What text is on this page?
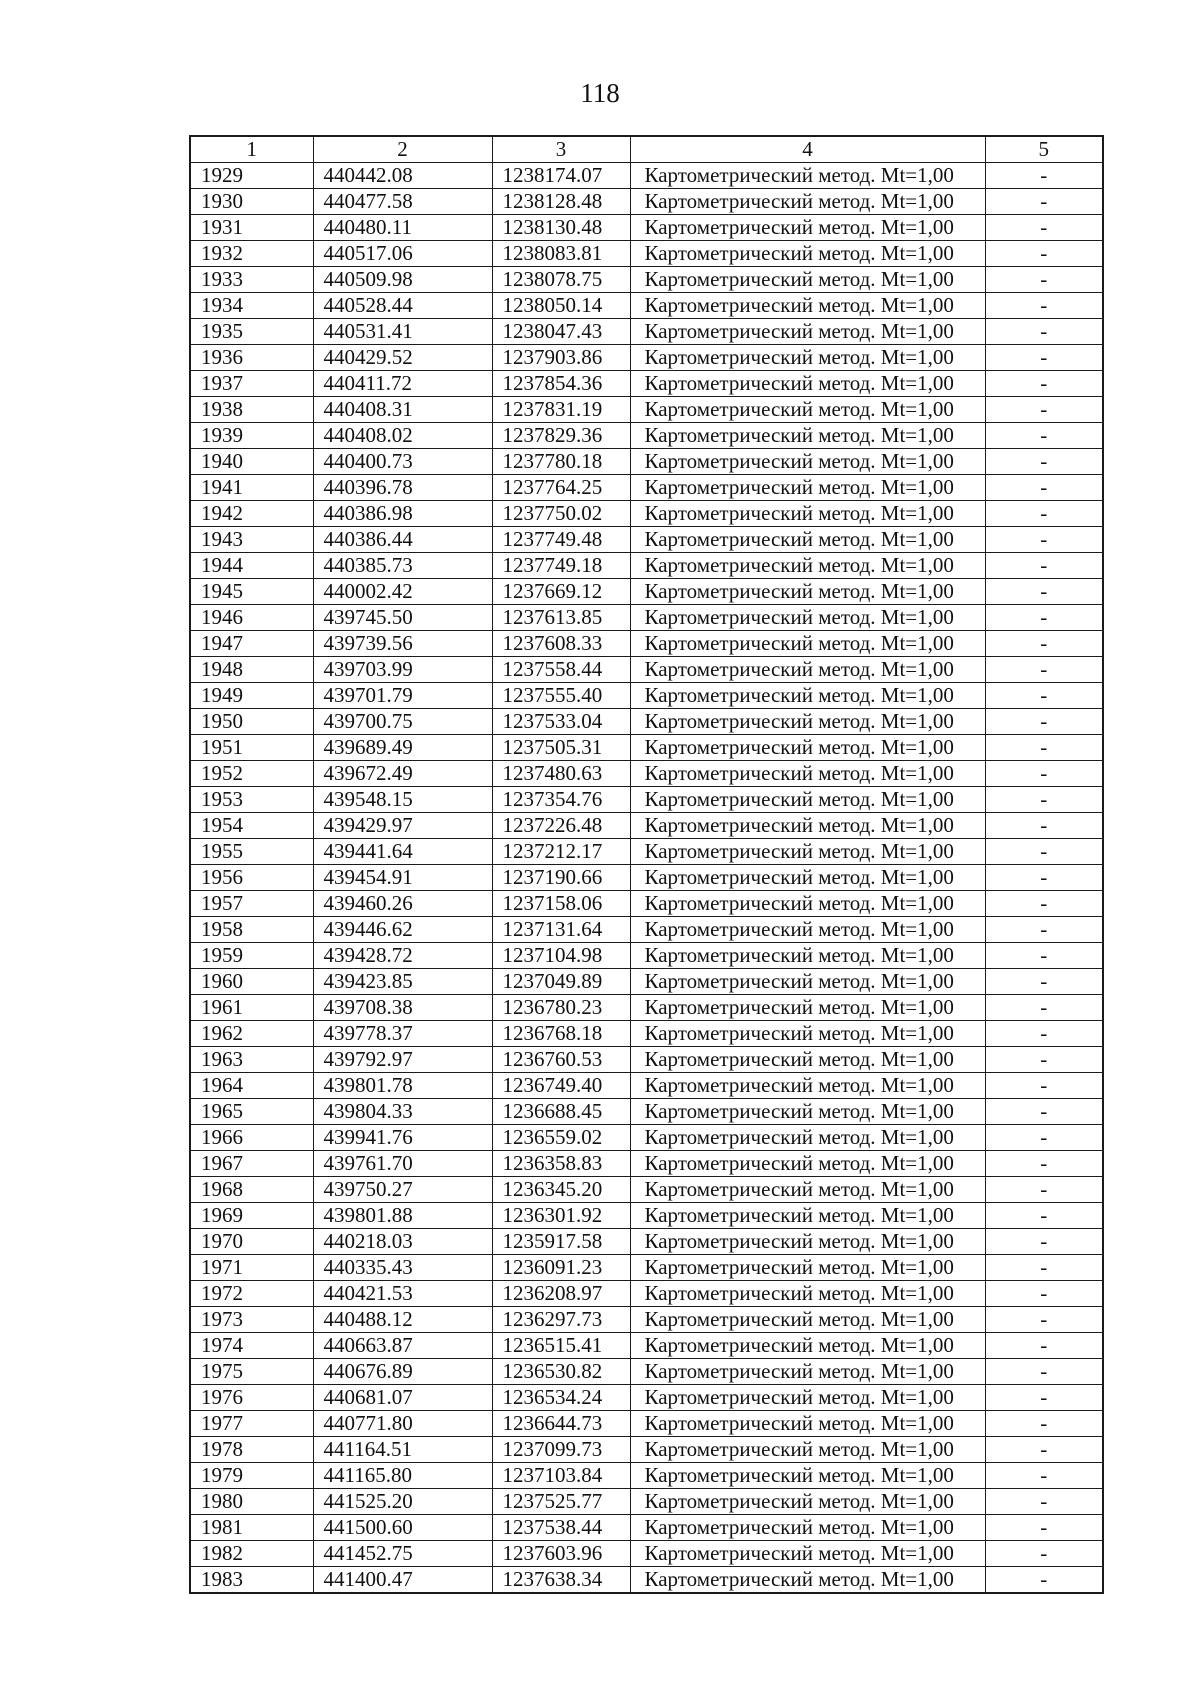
118
1	2	3	4	5
1929	440442.08	1238174.07	Картометрический метод. Mt=1,00	-
1930	440477.58	1238128.48	Картометрический метод. Mt=1,00	-
1931	440480.11	1238130.48	Картометрический метод. Mt=1,00	-
1932	440517.06	1238083.81	Картометрический метод. Mt=1,00	-
1933	440509.98	1238078.75	Картометрический метод. Mt=1,00	-
1934	440528.44	1238050.14	Картометрический метод. Mt=1,00	-
1935	440531.41	1238047.43	Картометрический метод. Mt=1,00	-
1936	440429.52	1237903.86	Картометрический метод. Mt=1,00	-
1937	440411.72	1237854.36	Картометрический метод. Mt=1,00	-
1938	440408.31	1237831.19	Картометрический метод. Mt=1,00	-
1939	440408.02	1237829.36	Картометрический метод. Mt=1,00	-
1940	440400.73	1237780.18	Картометрический метод. Mt=1,00	-
1941	440396.78	1237764.25	Картометрический метод. Mt=1,00	-
1942	440386.98	1237750.02	Картометрический метод. Mt=1,00	-
1943	440386.44	1237749.48	Картометрический метод. Mt=1,00	-
1944	440385.73	1237749.18	Картометрический метод. Mt=1,00	-
1945	440002.42	1237669.12	Картометрический метод. Mt=1,00	-
1946	439745.50	1237613.85	Картометрический метод. Mt=1,00	-
1947	439739.56	1237608.33	Картометрический метод. Mt=1,00	-
1948	439703.99	1237558.44	Картометрический метод. Mt=1,00	-
1949	439701.79	1237555.40	Картометрический метод. Mt=1,00	-
1950	439700.75	1237533.04	Картометрический метод. Mt=1,00	-
1951	439689.49	1237505.31	Картометрический метод. Mt=1,00	-
1952	439672.49	1237480.63	Картометрический метод. Mt=1,00	-
1953	439548.15	1237354.76	Картометрический метод. Mt=1,00	-
1954	439429.97	1237226.48	Картометрический метод. Mt=1,00	-
1955	439441.64	1237212.17	Картометрический метод. Mt=1,00	-
1956	439454.91	1237190.66	Картометрический метод. Mt=1,00	-
1957	439460.26	1237158.06	Картометрический метод. Mt=1,00	-
1958	439446.62	1237131.64	Картометрический метод. Mt=1,00	-
1959	439428.72	1237104.98	Картометрический метод. Mt=1,00	-
1960	439423.85	1237049.89	Картометрический метод. Mt=1,00	-
1961	439708.38	1236780.23	Картометрический метод. Mt=1,00	-
1962	439778.37	1236768.18	Картометрический метод. Mt=1,00	-
1963	439792.97	1236760.53	Картометрический метод. Mt=1,00	-
1964	439801.78	1236749.40	Картометрический метод. Mt=1,00	-
1965	439804.33	1236688.45	Картометрический метод. Mt=1,00	-
1966	439941.76	1236559.02	Картометрический метод. Mt=1,00	-
1967	439761.70	1236358.83	Картометрический метод. Mt=1,00	-
1968	439750.27	1236345.20	Картометрический метод. Mt=1,00	-
1969	439801.88	1236301.92	Картометрический метод. Mt=1,00	-
1970	440218.03	1235917.58	Картометрический метод. Mt=1,00	-
1971	440335.43	1236091.23	Картометрический метод. Mt=1,00	-
1972	440421.53	1236208.97	Картометрический метод. Mt=1,00	-
1973	440488.12	1236297.73	Картометрический метод. Mt=1,00	-
1974	440663.87	1236515.41	Картометрический метод. Mt=1,00	-
1975	440676.89	1236530.82	Картометрический метод. Mt=1,00	-
1976	440681.07	1236534.24	Картометрический метод. Mt=1,00	-
1977	440771.80	1236644.73	Картометрический метод. Mt=1,00	-
1978	441164.51	1237099.73	Картометрический метод. Mt=1,00	-
1979	441165.80	1237103.84	Картометрический метод. Mt=1,00	-
1980	441525.20	1237525.77	Картометрический метод. Mt=1,00	-
1981	441500.60	1237538.44	Картометрический метод. Mt=1,00	-
1982	441452.75	1237603.96	Картометрический метод. Mt=1,00	-
1983	441400.47	1237638.34	Картометрический метод. Mt=1,00	-
